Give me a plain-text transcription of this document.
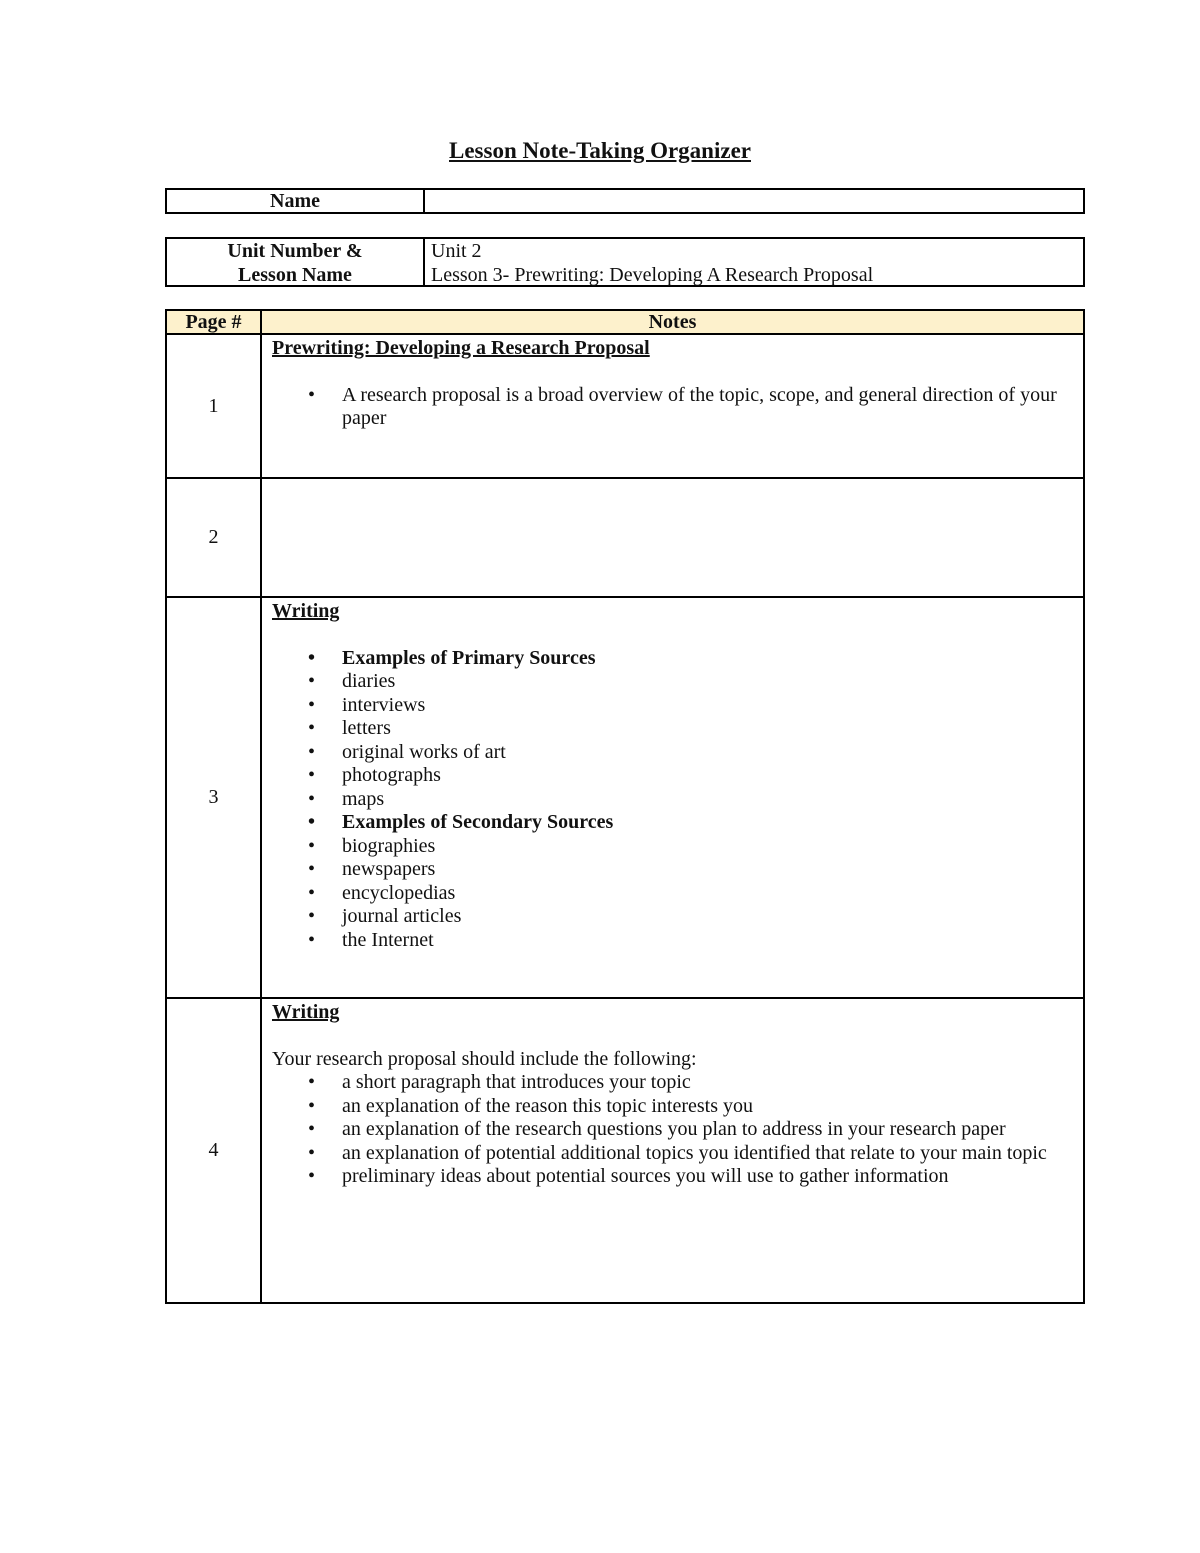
Lesson Note-Taking Organizer
Name
Unit Number &
Lesson Name
Unit 2
Lesson 3- Prewriting: Developing A Research Proposal
Page #	Notes
1
Prewriting: Developing a Research Proposal
• A research proposal is a broad overview of the topic, scope, and general direction of your paper
2
3
Writing
• Examples of Primary Sources
• diaries
• interviews
• letters
• original works of art
• photographs
• maps
• Examples of Secondary Sources
• biographies
• newspapers
• encyclopedias
• journal articles
• the Internet
4
Writing
Your research proposal should include the following:
• a short paragraph that introduces your topic
• an explanation of the reason this topic interests you
• an explanation of the research questions you plan to address in your research paper
• an explanation of potential additional topics you identified that relate to your main topic
• preliminary ideas about potential sources you will use to gather information
